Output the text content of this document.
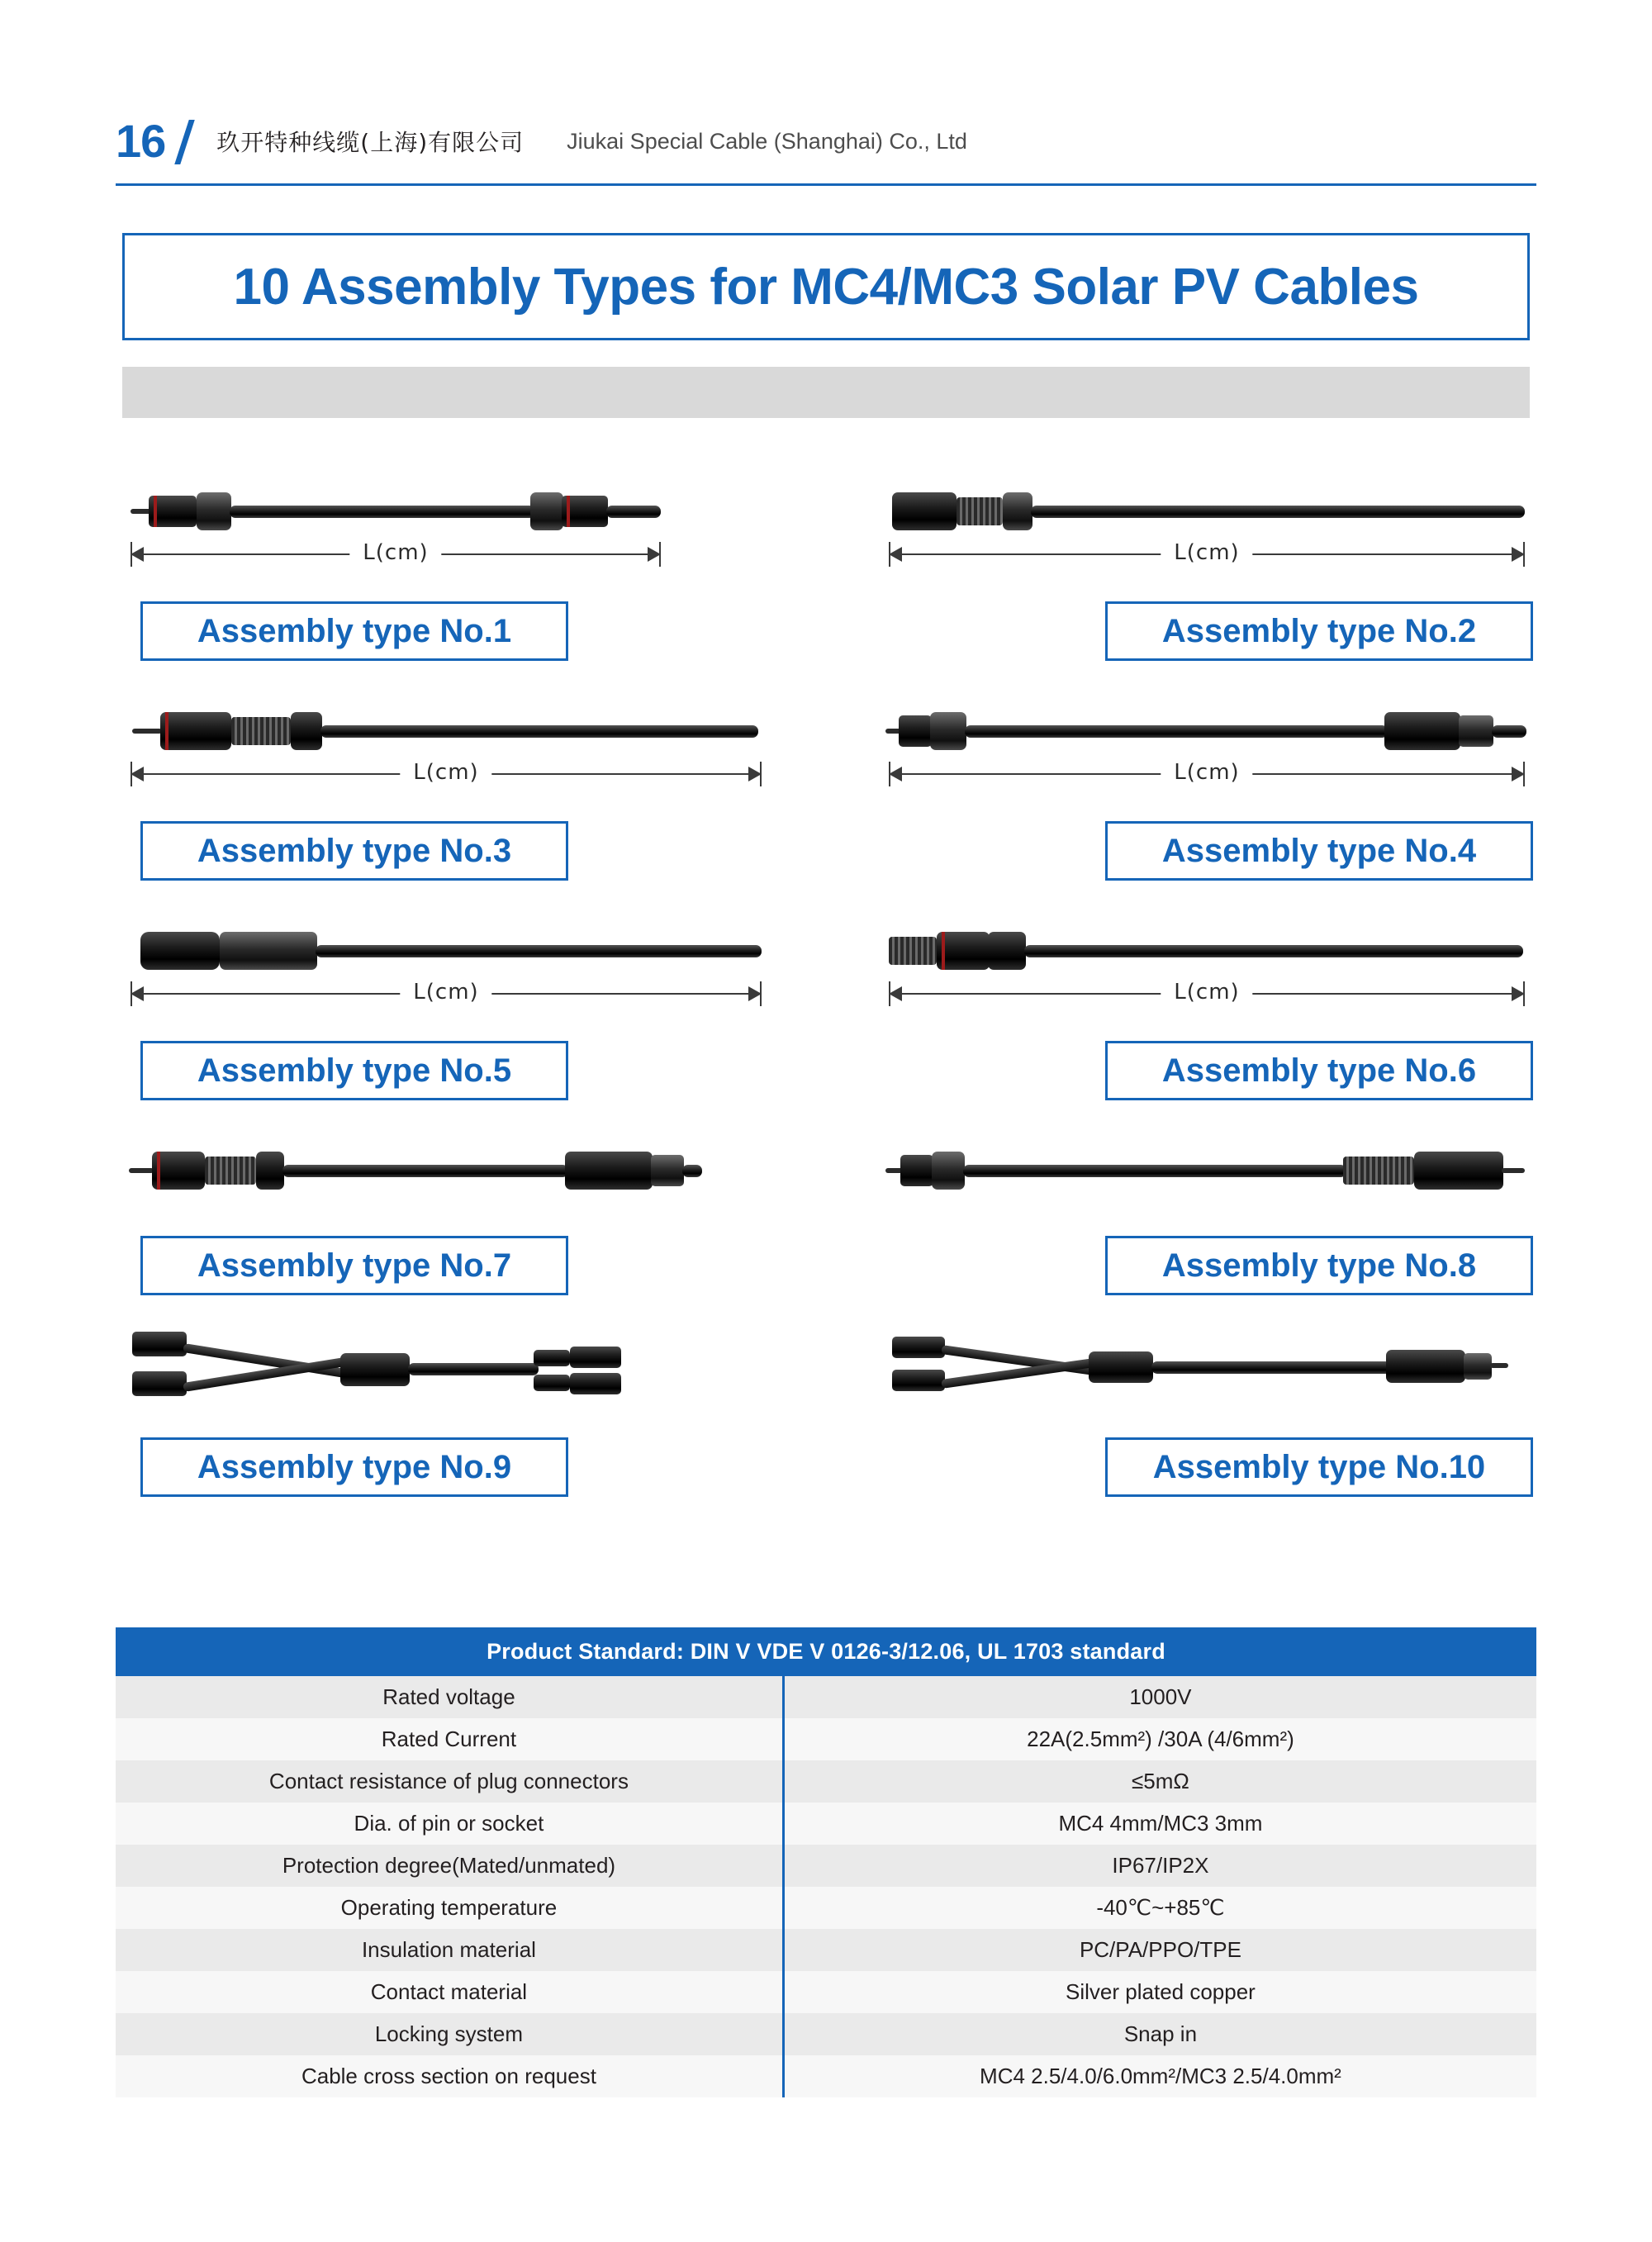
16 玖开特种线缆(上海)有限公司 Jiukai Special Cable (Shanghai) Co., Ltd
10 Assembly Types for MC4/MC3 Solar PV Cables
L(cm)
Assembly type No.1
L(cm)
Assembly type No.2
L(cm)
Assembly type No.3
L(cm)
Assembly type No.4
L(cm)
Assembly type No.5
L(cm)
Assembly type No.6
Assembly type No.7	Assembly type No.8
Assembly type No.9	Assembly type No.10
Product Standard: DIN V VDE V 0126-3/12.06, UL 1703 standard	
Rated voltage	1000V
Rated Current	22A(2.5mm²) /30A (4/6mm²)
Contact resistance of plug connectors	≤5mΩ
Dia. of pin or socket	MC4 4mm/MC3 3mm
Protection degree(Mated/unmated)	IP67/IP2X
Operating temperature	-40℃~+85℃
Insulation material	PC/PA/PPO/TPE
Contact material	Silver plated copper
Locking system	Snap in
Cable cross section on request	MC4 2.5/4.0/6.0mm²/MC3 2.5/4.0mm²
